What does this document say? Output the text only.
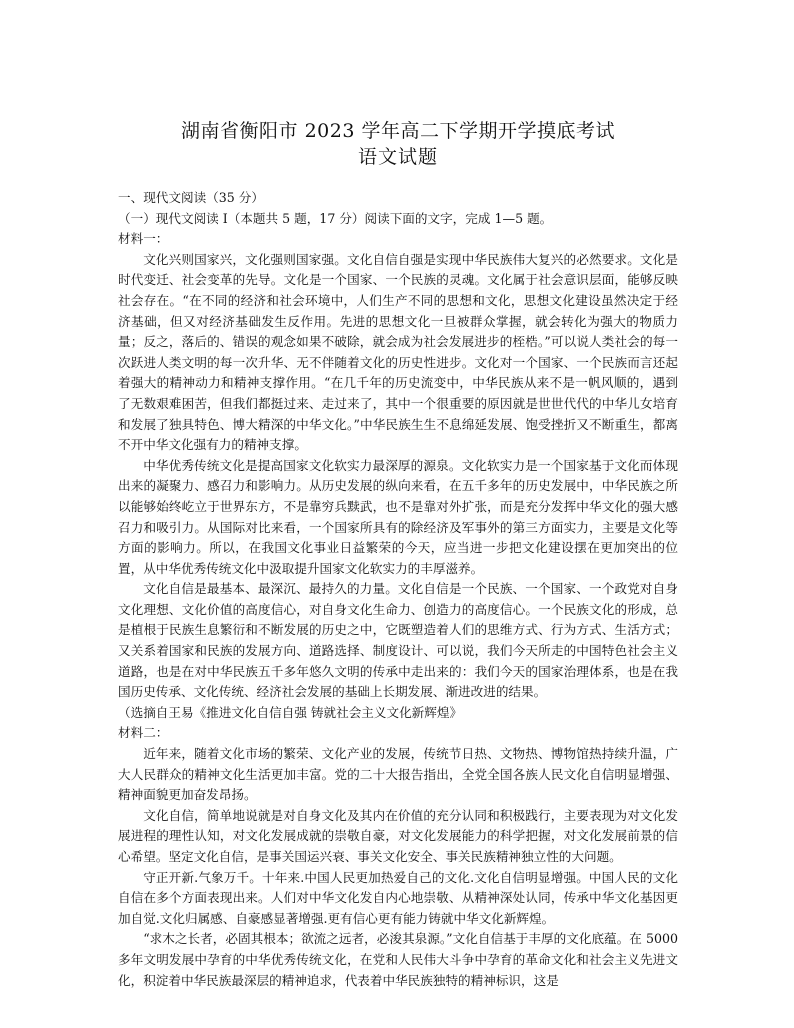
湖南省衡阳市 2023 学年高二下学期开学摸底考试
语文试题

一、现代文阅读（35 分）

（一）现代文阅读 I（本题共 5 题，17 分）阅读下面的文字，完成 1—5 题。

材料一：

文化兴则国家兴，文化强则国家强。文化自信自强是实现中华民族伟大复兴的必然要求。文化是时代变迁、社会变革的先导。文化是一个国家、一个民族的灵魂。文化属于社会意识层面，能够反映社会存在。“在不同的经济和社会环境中，人们生产不同的思想和文化，思想文化建设虽然决定于经济基础，但又对经济基础发生反作用。先进的思想文化一旦被群众掌握，就会转化为强大的物质力量；反之，落后的、错误的观念如果不破除，就会成为社会发展进步的桎梏。”可以说人类社会的每一次跃进人类文明的每一次升华、无不伴随着文化的历史性进步。文化对一个国家、一个民族而言还起着强大的精神动力和精神支撑作用。“在几千年的历史流变中，中华民族从来不是一帆风顺的，遇到了无数艰难困苦，但我们都挺过来、走过来了，其中一个很重要的原因就是世世代代的中华儿女培育和发展了独具特色、博大精深的中华文化。”中华民族生生不息绵延发展、饱受挫折又不断重生，都离不开中华文化强有力的精神支撑。

中华优秀传统文化是提高国家文化软实力最深厚的源泉。文化软实力是一个国家基于文化而体现出来的凝聚力、感召力和影响力。从历史发展的纵向来看，在五千多年的历史发展中，中华民族之所以能够始终屹立于世界东方，不是靠穷兵黩武，也不是靠对外扩张，而是充分发挥中华文化的强大感召力和吸引力。从国际对比来看，一个国家所具有的除经济及军事外的第三方面实力，主要是文化等方面的影响力。所以，在我国文化事业日益繁荣的今天，应当进一步把文化建设摆在更加突出的位置，从中华优秀传统文化中汲取提升国家文化软实力的丰厚滋养。

文化自信是最基本、最深沉、最持久的力量。文化自信是一个民族、一个国家、一个政党对自身文化理想、文化价值的高度信心，对自身文化生命力、创造力的高度信心。一个民族文化的形成，总是植根于民族生息繁衍和不断发展的历史之中，它既塑造着人们的思维方式、行为方式、生活方式；又关系着国家和民族的发展方向、道路选择、制度设计、可以说，我们今天所走的中国特色社会主义道路，也是在对中华民族五千多年悠久文明的传承中走出来的：我们今天的国家治理体系，也是在我国历史传承、文化传统、经济社会发展的基础上长期发展、渐进改进的结果。

（选摘自王易《推进文化自信自强 铸就社会主义文化新辉煌》

材料二：

近年来，随着文化市场的繁荣、文化产业的发展，传统节日热、文物热、博物馆热持续升温，广大人民群众的精神文化生活更加丰富。党的二十大报告指出，全党全国各族人民文化自信明显增强、精神面貌更加奋发昂扬。

文化自信，简单地说就是对自身文化及其内在价值的充分认同和积极践行，主要表现为对文化发展进程的理性认知，对文化发展成就的崇敬自豪，对文化发展能力的科学把握，对文化发展前景的信心希望。坚定文化自信，是事关国运兴衰、事关文化安全、事关民族精神独立性的大问题。

守正开新.气象万千。十年来.中国人民更加热爱自己的文化.文化自信明显增强。中国人民的文化自信在多个方面表现出来。人们对中华文化发自内心地崇敬、从精神深处认同，传承中华文化基因更加自觉.文化归属感、自豪感显著增强.更有信心更有能力铸就中华文化新辉煌。

“求木之长者，必固其根本；欲流之远者，必浚其泉源。”文化自信基于丰厚的文化底蕴。在 5000 多年文明发展中孕育的中华优秀传统文化，在党和人民伟大斗争中孕育的革命文化和社会主义先进文化，积淀着中华民族最深层的精神追求，代表着中华民族独特的精神标识，这是
